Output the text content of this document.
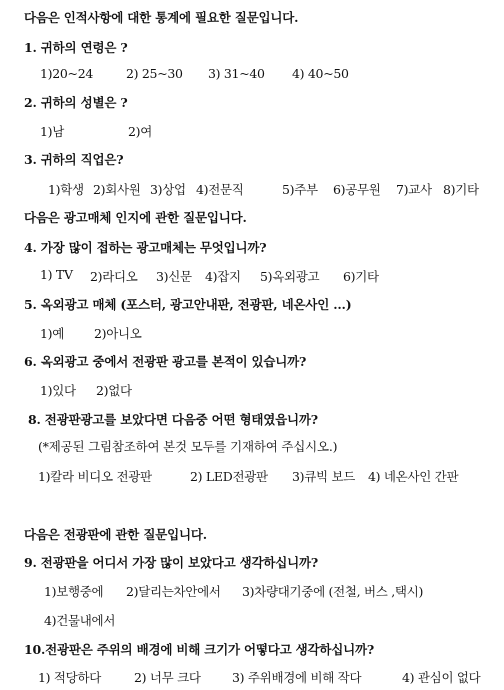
다음은 인적사항에 대한 통계에 필요한 질문입니다.
1. 귀하의 연령은 ?
1)20~24	2) 25~30 3) 31~40 4) 40~50
2. 귀하의 성별은 ?
1)남	2)여
3. 귀하의 직업은?
1)학생 2)회사원 3)상업 4)전문직	5)주부 6)공무원 7)교사 8)기타
다음은 광고매체 인지에 관한 질문입니다.
4. 가장 많이 접하는 광고매체는 무엇입니까?
1) TV 2)라디오 3)신문 4)잡지 5)옥외광고 6)기타
5. 옥외광고 매체 (포스터, 광고안내판, 전광판, 네온사인 ...)
1)예 2)아니오
6. 옥외광고 중에서 전광판 광고를 본적이 있습니까?
1)있다 2)없다
8. 전광판광고를 보았다면 다음중 어떤 형태였읍니까?
(*제공된 그림참조하여 본것 모두를 기재하여 주십시오.)
1)칼라 비디오 전광판	2) LED전광판 3)큐빅 보드 4) 네온사인 간판
다음은 전광판에 관한 질문입니다.
9. 전광판을 어디서 가장 많이 보았다고 생각하십니까?
1)보행중에 2)달리는차안에서 3)차량대기중에 (전철, 버스 ,택시)
4)건물내에서
10.전광판은 주위의 배경에 비해 크기가 어떻다고 생각하십니까?
1) 적당하다	2) 너무 크다	3) 주위배경에 비해 작다	4) 관심이 없다
